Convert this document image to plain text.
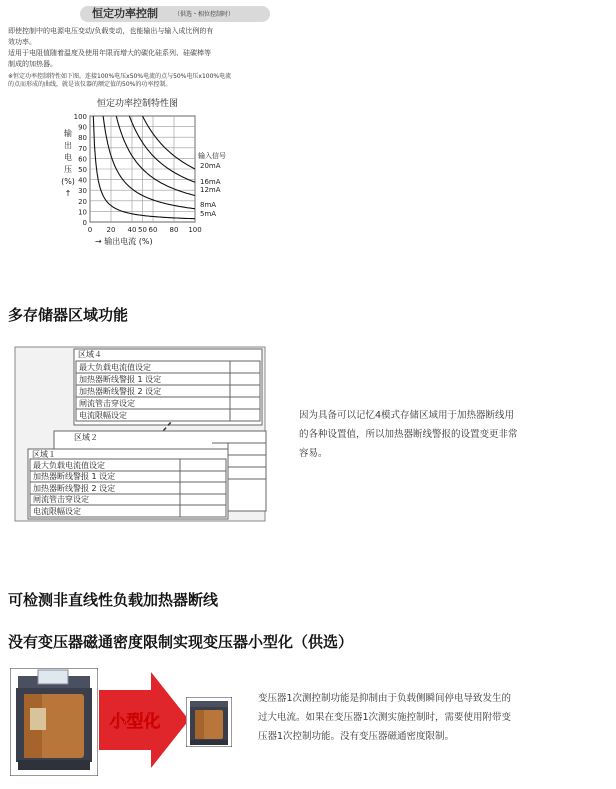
恒定功率控制	（供选・相位控制时）
即使控制中的电源电压变动/负载变动，也能输出与输入成比例的有
效功率。
适用于电阻值随着温度及使用年限而增大的碳化硅系列、硅碳棒等
制成的加热器。
※恒定功率控制特性如下图。连接100%电压x50%电流的点与50%电压x100%电流
的点而形成的曲线，就是该仪器的额定值的50%的功率控制。
恒定功率控制特性图
输
出
电
压
(%)
↑
0
10
20
30
40
50
60
70
80
90
100
0 20 40 50 60 80 100
输入信号
20mA
16mA
12mA
8mA
5mA
→ 输出电流 (%)
多存储器区域功能
区域４
最大负载电流值设定
加热器断线警报 1 设定
加热器断线警报 2 设定
闸流管击穿设定
电流限幅设定
区域２
区域１
最大负载电流值设定
加热器断线警报 1 设定
加热器断线警报 2 设定
闸流管击穿设定
电流限幅设定
因为具备可以记忆4模式存储区域用于加热器断线用
的各种设置值，所以加热器断线警报的设置变更非常
容易。
可检测非直线性负载加热器断线
没有变压器磁通密度限制实现变压器小型化（供选）
小型化
变压器1次测控制功能是抑制由于负载侧瞬间停电导致发生的
过大电流。如果在变压器1次测实施控制时，需要使用附带变
压器1次控制功能。没有变压器磁通密度限制。
